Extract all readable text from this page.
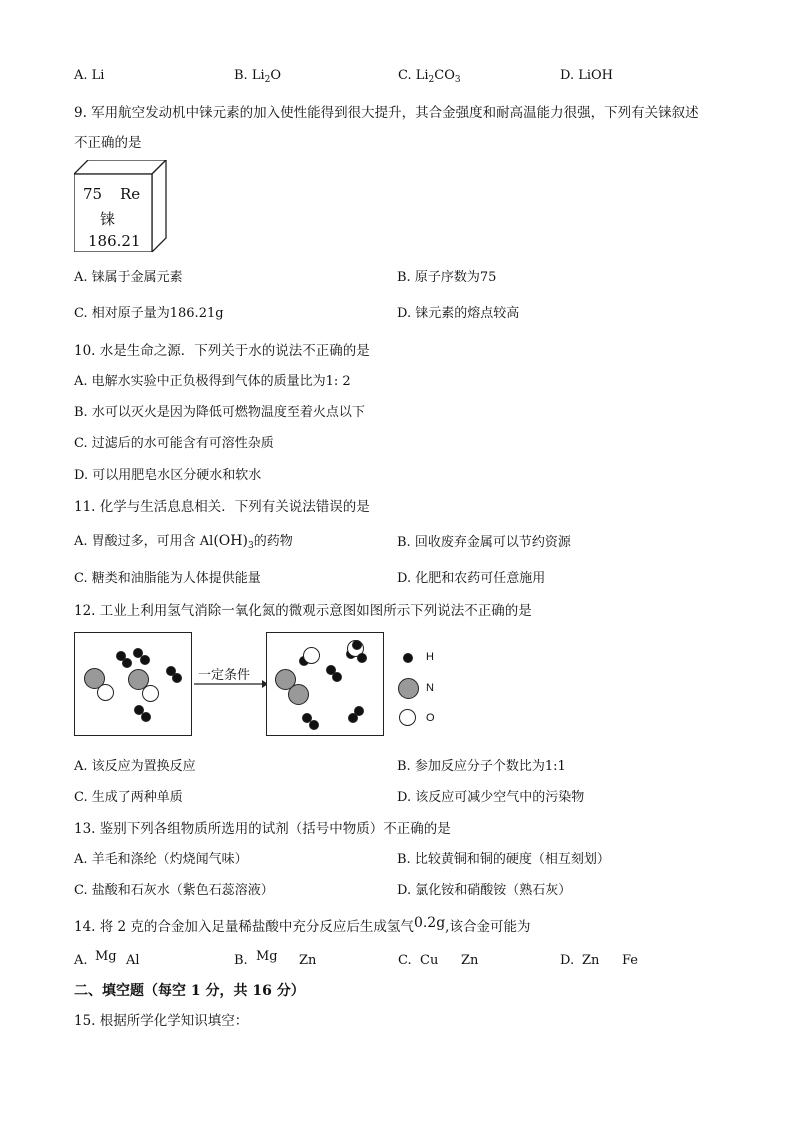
A. Li	B. $Li_2O$	C. $Li_2CO_3$	D. LiOH
9. 军用航空发动机中铼元素的加入使性能得到很大提升，其合金强度和耐高温能力很强，下列有关铼叙述
不正确的是
75 Re
铼
186.21
A. 铼属于金属元素	B. 原子序数为75
C. 相对原子量为186.21g	D. 铼元素的熔点较高
10. 水是生命之源．下列关于水的说法不正确的是
A. 电解水实验中正负极得到气体的质量比为1: 2
B. 水可以灭火是因为降低可燃物温度至着火点以下
C. 过滤后的水可能含有可溶性杂质
D. 可以用肥皂水区分硬水和软水
11. 化学与生活息息相关．下列有关说法错误的是
A. 胃酸过多，可用含 $Al(OH)_3$的药物	B. 回收废弃金属可以节约资源
C. 糖类和油脂能为人体提供能量	D. 化肥和农药可任意施用
12. 工业上利用氢气消除一氧化氮的微观示意图如图所示下列说法不正确的是
一定条件
H
N
O
A. 该反应为置换反应	B. 参加反应分子个数比为1:1
C. 生成了两种单质	D. 该反应可减少空气中的污染物
13. 鉴别下列各组物质所选用的试剂（括号中物质）不正确的是
A. 羊毛和涤纶（灼烧闻气味）	B. 比较黄铜和铜的硬度（相互刻划）
C. 盐酸和石灰水（紫色石蕊溶液）	D. 氯化铵和硝酸铵（熟石灰）
14. 将 2 克的合金加入足量稀盐酸中充分反应后生成氢气0.2g,该合金可能为
A. Mg Al	B. Mg Zn	C. Cu Zn	D. Zn Fe
二、填空题（每空 1 分，共 16 分）
15. 根据所学化学知识填空：
